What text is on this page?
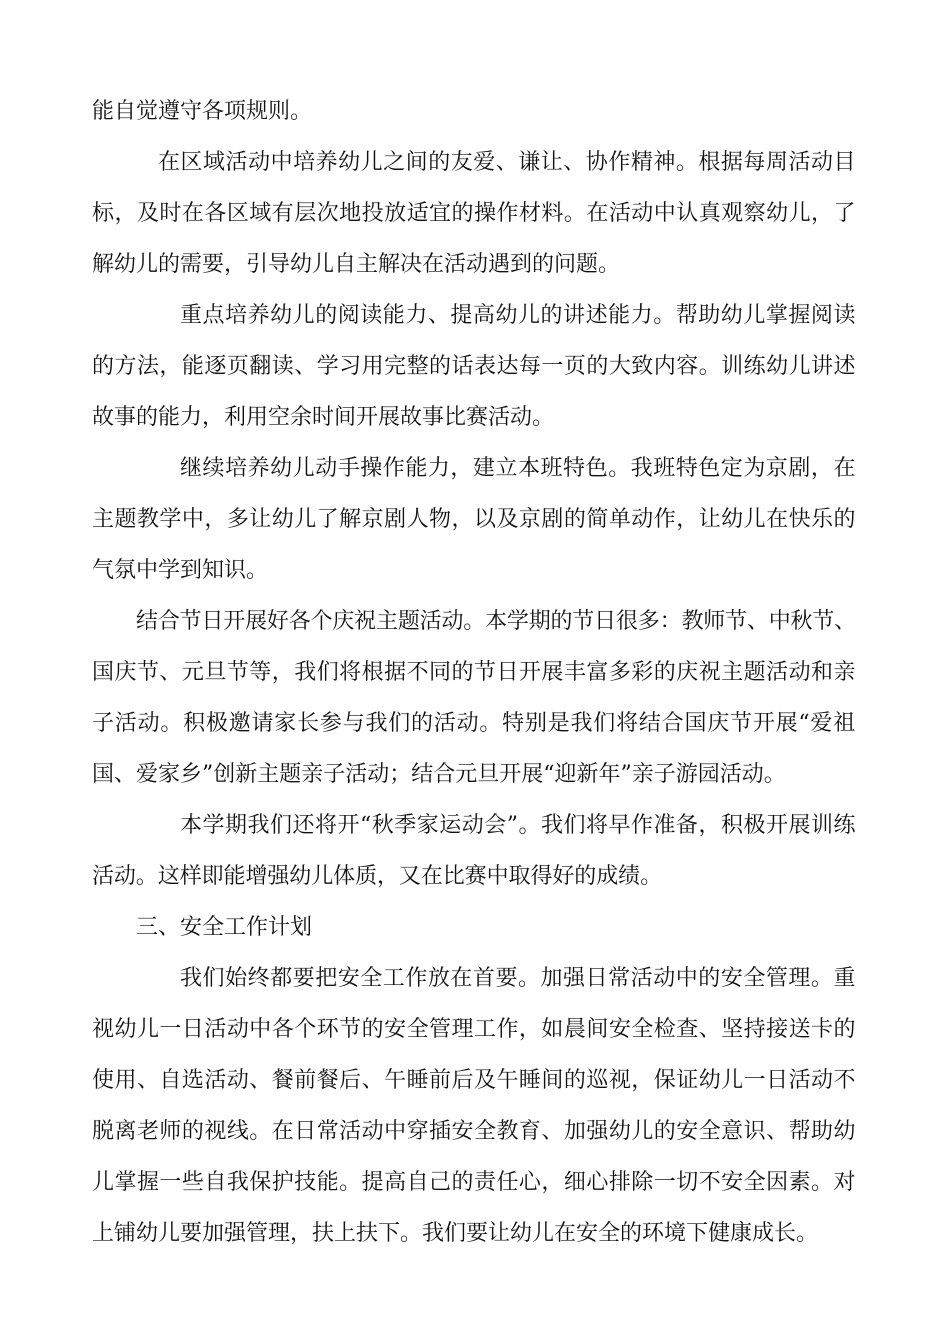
能自觉遵守各项规则。
在区域活动中培养幼儿之间的友爱、谦让、协作精神。根据每周活动目
标，及时在各区域有层次地投放适宜的操作材料。在活动中认真观察幼儿，了
解幼儿的需要，引导幼儿自主解决在活动遇到的问题。
重点培养幼儿的阅读能力、提高幼儿的讲述能力。帮助幼儿掌握阅读
的方法，能逐页翻读、学习用完整的话表达每一页的大致内容。训练幼儿讲述
故事的能力，利用空余时间开展故事比赛活动。
继续培养幼儿动手操作能力，建立本班特色。我班特色定为京剧，在
主题教学中，多让幼儿了解京剧人物，以及京剧的简单动作，让幼儿在快乐的
气氛中学到知识。
结合节日开展好各个庆祝主题活动。本学期的节日很多：教师节、中秋节、
国庆节、元旦节等，我们将根据不同的节日开展丰富多彩的庆祝主题活动和亲
子活动。积极邀请家长参与我们的活动。特别是我们将结合国庆节开展“爱祖
国、爱家乡”创新主题亲子活动；结合元旦开展“迎新年”亲子游园活动。
本学期我们还将开“秋季家运动会”。我们将早作准备，积极开展训练
活动。这样即能增强幼儿体质，又在比赛中取得好的成绩。
三、安全工作计划
我们始终都要把安全工作放在首要。加强日常活动中的安全管理。重
视幼儿一日活动中各个环节的安全管理工作，如晨间安全检查、坚持接送卡的
使用、自选活动、餐前餐后、午睡前后及午睡间的巡视，保证幼儿一日活动不
脱离老师的视线。在日常活动中穿插安全教育、加强幼儿的安全意识、帮助幼
儿掌握一些自我保护技能。提高自己的责任心，细心排除一切不安全因素。对
上铺幼儿要加强管理，扶上扶下。我们要让幼儿在安全的环境下健康成长。
